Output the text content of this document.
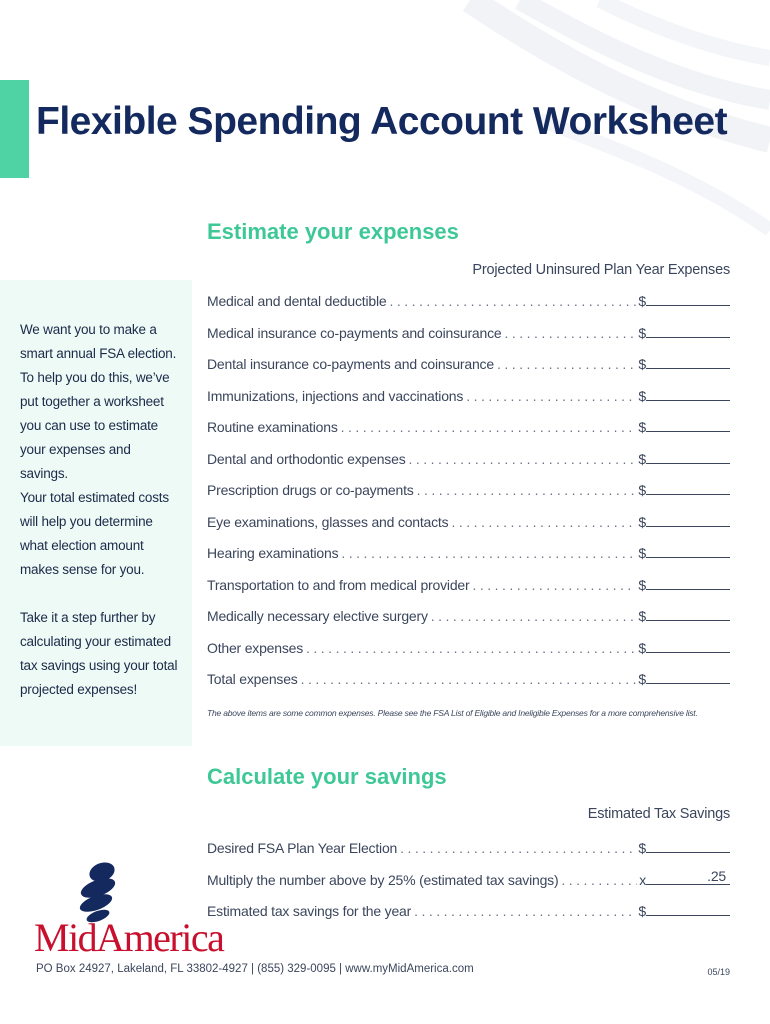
Flexible Spending Account Worksheet

We want you to make a smart annual FSA election. To help you do this, we’ve put together a worksheet you can use to estimate your expenses and savings.

Your total estimated costs will help you determine what election amount makes sense for you.

Take it a step further by calculating your estimated tax savings using your total projected expenses!

Estimate your expenses
Projected Uninsured Plan Year Expenses
Medical and dental deductible . . .	$
Medical insurance co-payments and coinsurance . . .	$
Dental insurance co-payments and coinsurance . . .	$
Immunizations, injections and vaccinations . . .	$
Routine examinations . . .	$
Dental and orthodontic expenses . . .	$
Prescription drugs or co-payments . . .	$
Eye examinations, glasses and contacts . . .	$
Hearing examinations . . .	$
Transportation to and from medical provider . . .	$
Medically necessary elective surgery . . .	$
Other expenses . . .	$
Total expenses . . .	$
The above items are some common expenses. Please see the FSA List of Eligible and Ineligible Expenses for a more comprehensive list.
Calculate your savings
Estimated Tax Savings
Desired FSA Plan Year Election . . .	$
Multiply the number above by 25% (estimated tax savings) . . .	x	.25
Estimated tax savings for the year . . .	$
MidAmerica
PO Box 24927, Lakeland, FL 33802-4927 | (855) 329-0095 | www.myMidAmerica.com	05/19
